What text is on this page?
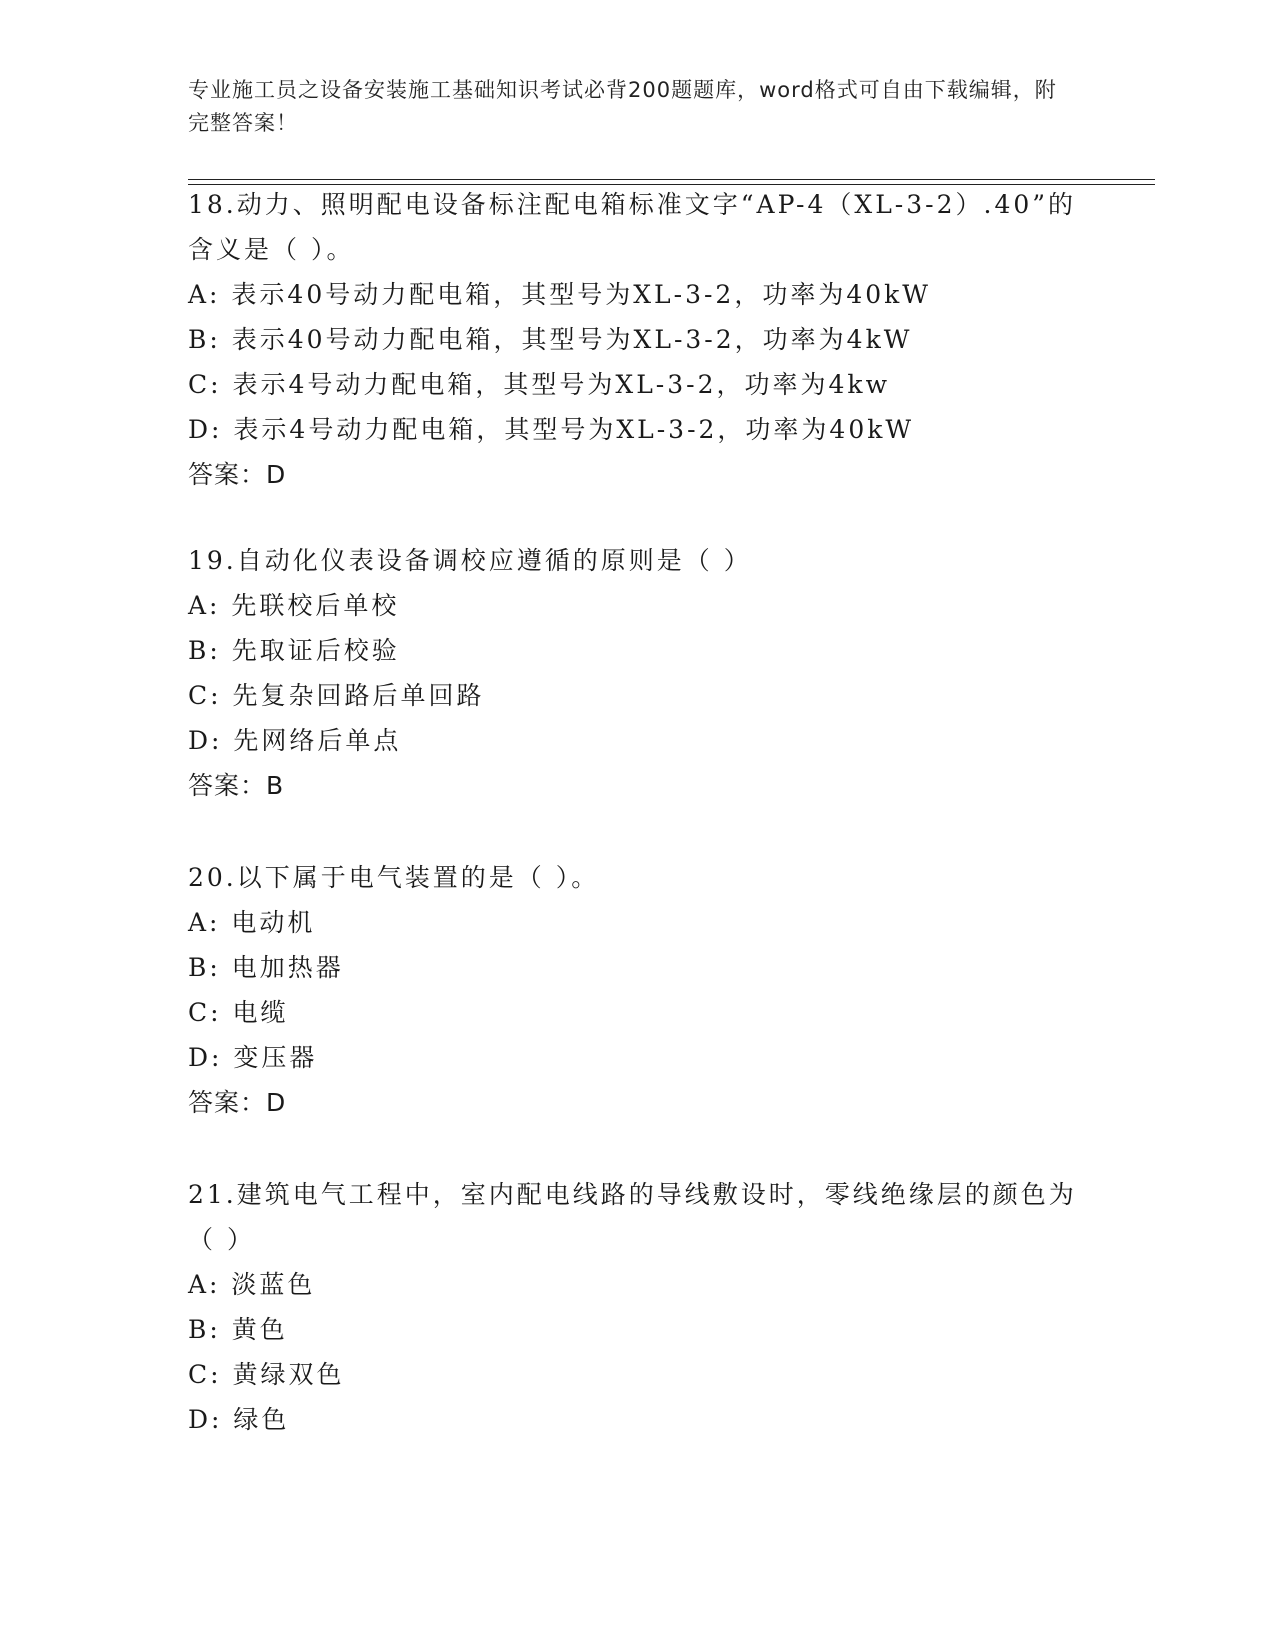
专业施工员之设备安装施工基础知识考试必背200题题库，word格式可自由下载编辑，附完整答案！

18.动力、照明配电设备标注配电箱标准文字“AP-4（XL-3-2）.40”的含义是（ ）。

A: 表示40号动力配电箱，其型号为XL-3-2，功率为40kW

B: 表示40号动力配电箱，其型号为XL-3-2，功率为4kW

C: 表示4号动力配电箱，其型号为XL-3-2，功率为4kw

D: 表示4号动力配电箱，其型号为XL-3-2，功率为40kW

答案：D

19.自动化仪表设备调校应遵循的原则是（ ）

A: 先联校后单校

B: 先取证后校验

C: 先复杂回路后单回路

D: 先网络后单点

答案：B

20.以下属于电气装置的是（ ）。

A: 电动机

B: 电加热器

C: 电缆

D: 变压器

答案：D

21.建筑电气工程中，室内配电线路的导线敷设时，零线绝缘层的颜色为（ ）

A: 淡蓝色

B: 黄色

C: 黄绿双色

D: 绿色
